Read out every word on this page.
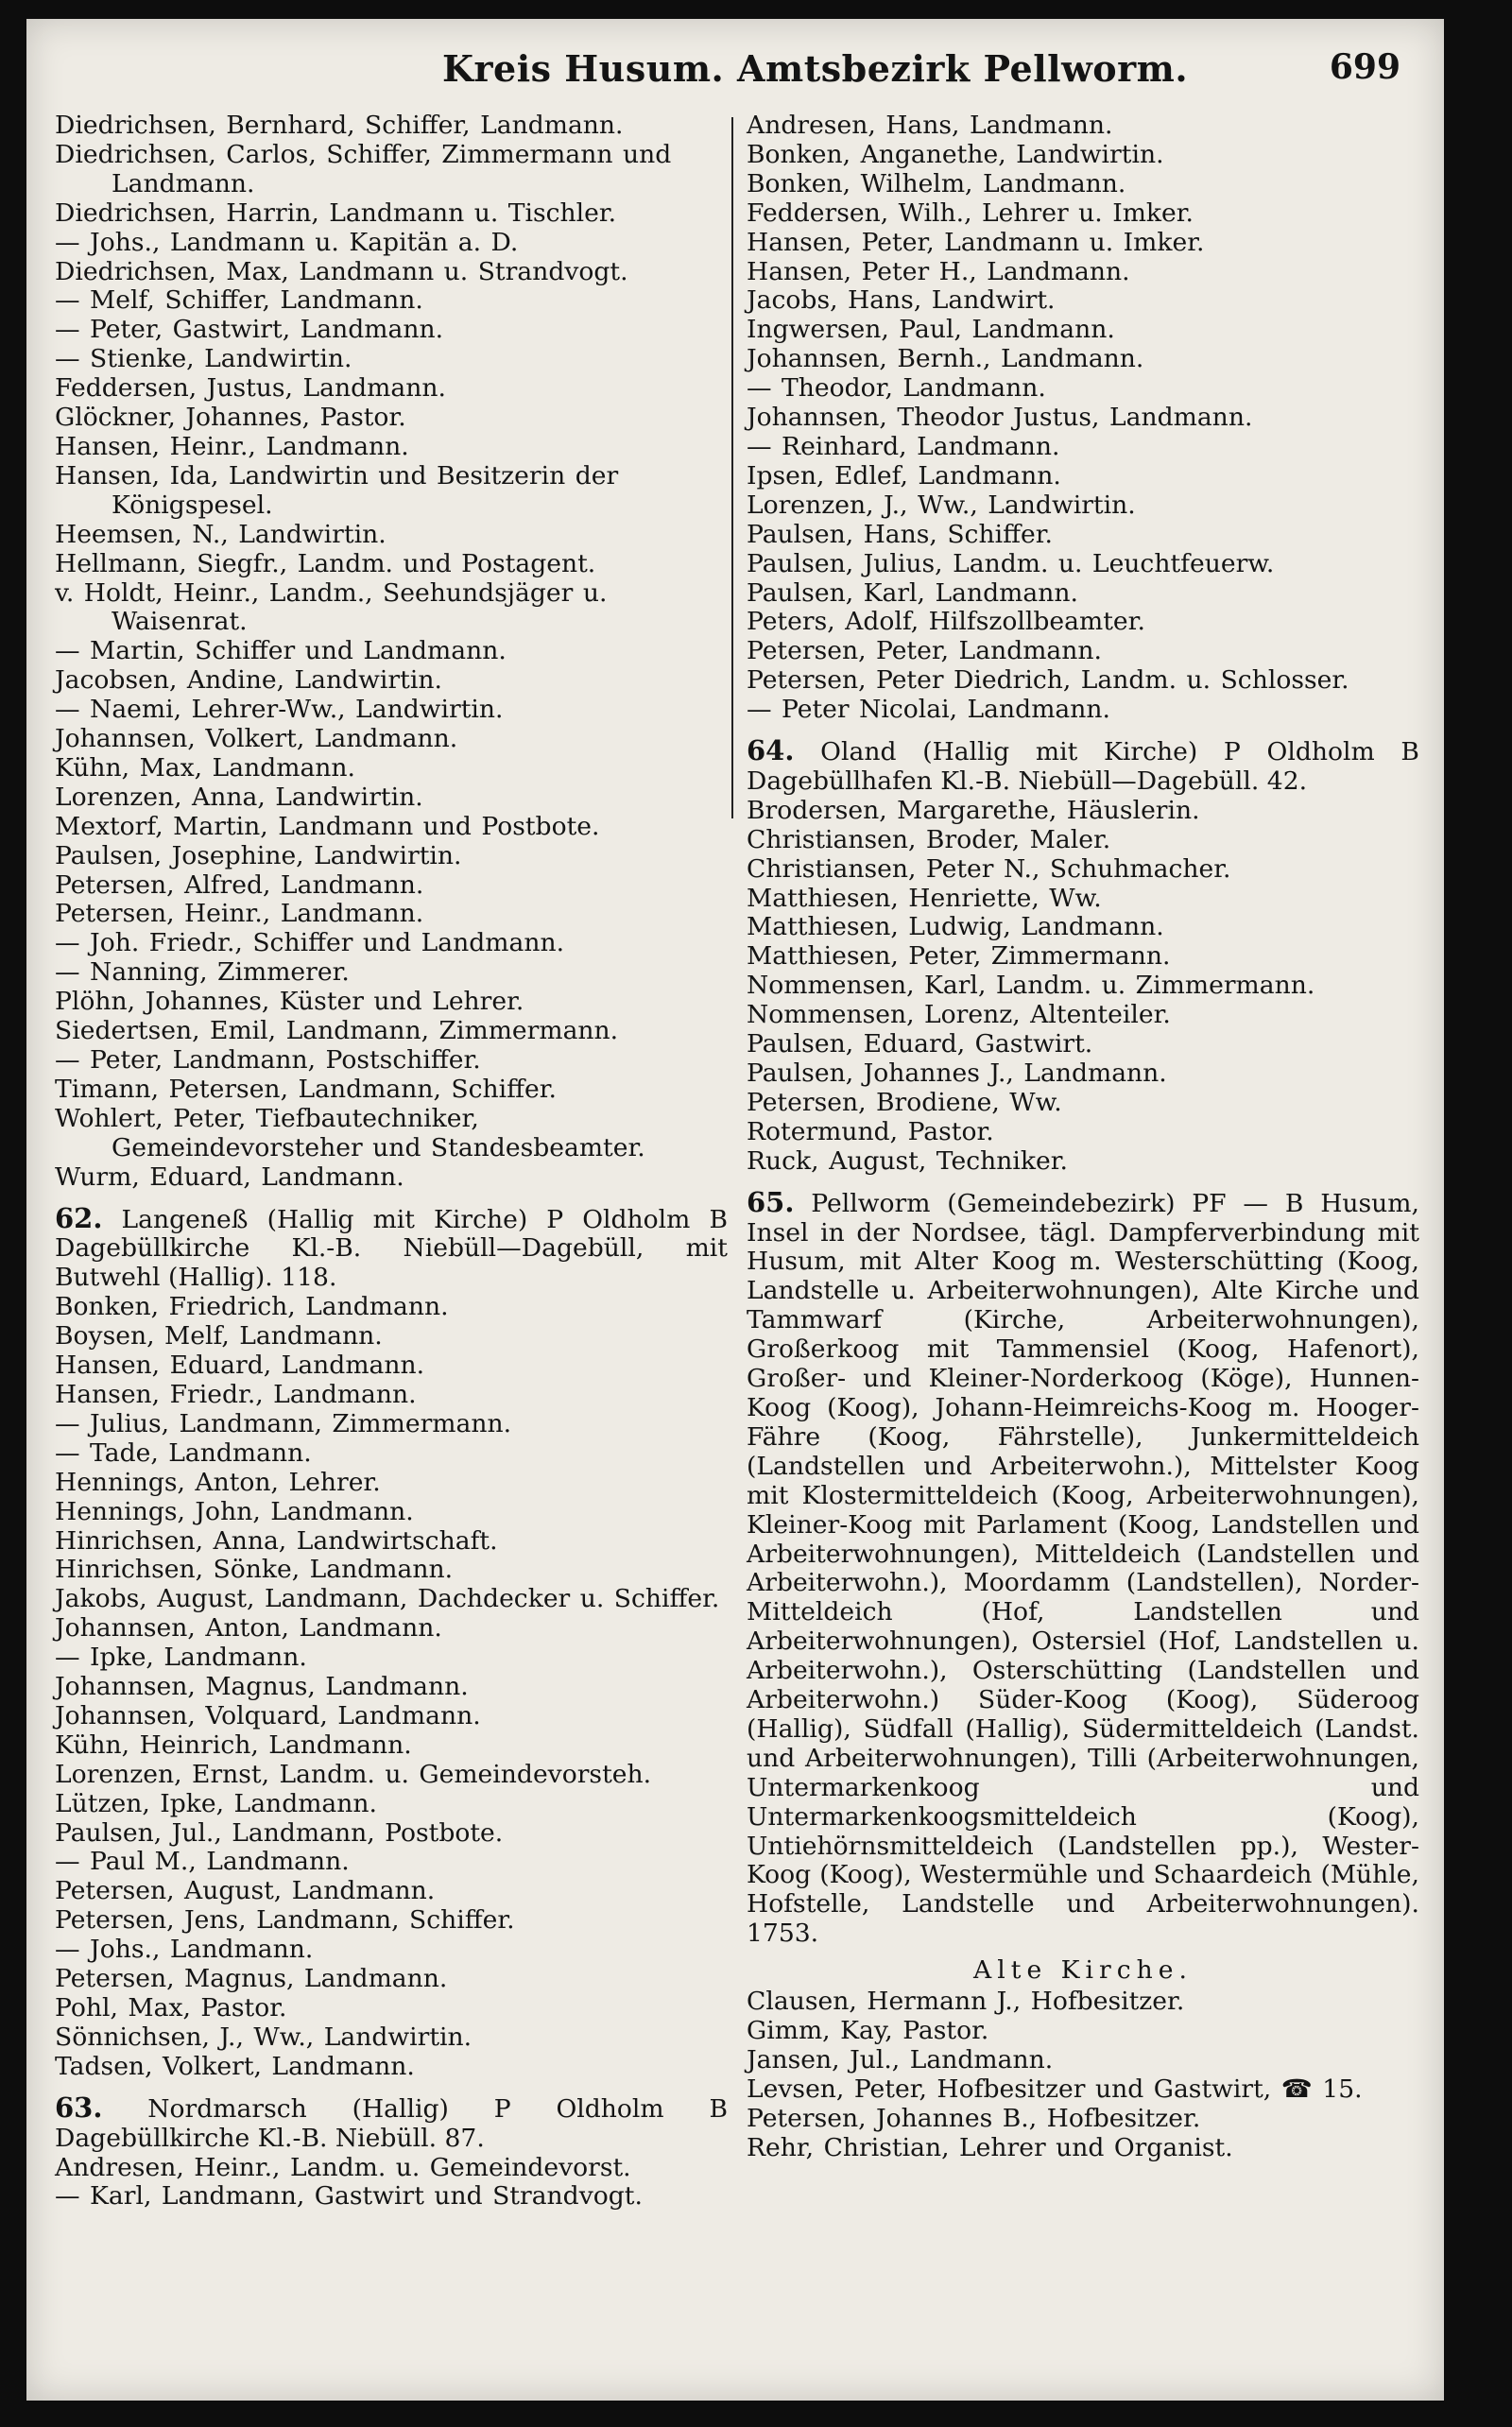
Kreis Husum. Amtsbezirk Pellworm.	699
Diedrichsen, Bernhard, Schiffer, Landmann.
Diedrichsen, Carlos, Schiffer, Zimmermann und Landmann.
Diedrichsen, Harrin, Landmann u. Tischler.
— Johs., Landmann u. Kapitän a. D.
Diedrichsen, Max, Landmann u. Strandvogt.
— Melf, Schiffer, Landmann.
— Peter, Gastwirt, Landmann.
— Stienke, Landwirtin.
Feddersen, Justus, Landmann.
Glöckner, Johannes, Pastor.
Hansen, Heinr., Landmann.
Hansen, Ida, Landwirtin und Besitzerin der Königspesel.
Heemsen, N., Landwirtin.
Hellmann, Siegfr., Landm. und Postagent.
v. Holdt, Heinr., Landm., Seehundsjäger u. Waisenrat.
— Martin, Schiffer und Landmann.
Jacobsen, Andine, Landwirtin.
— Naemi, Lehrer-Ww., Landwirtin.
Johannsen, Volkert, Landmann.
Kühn, Max, Landmann.
Lorenzen, Anna, Landwirtin.
Mextorf, Martin, Landmann und Postbote.
Paulsen, Josephine, Landwirtin.
Petersen, Alfred, Landmann.
Petersen, Heinr., Landmann.
— Joh. Friedr., Schiffer und Landmann.
— Nanning, Zimmerer.
Plöhn, Johannes, Küster und Lehrer.
Siedertsen, Emil, Landmann, Zimmermann.
— Peter, Landmann, Postschiffer.
Timann, Petersen, Landmann, Schiffer.
Wohlert, Peter, Tiefbautechniker, Gemeindevorsteher und Standesbeamter.
Wurm, Eduard, Landmann.
62. Langeneß (Hallig mit Kirche) P Oldholm B Dagebüllkirche Kl.-B. Niebüll—Dagebüll, mit Butwehl (Hallig). 118.
Bonken, Friedrich, Landmann.
Boysen, Melf, Landmann.
Hansen, Eduard, Landmann.
Hansen, Friedr., Landmann.
— Julius, Landmann, Zimmermann.
— Tade, Landmann.
Hennings, Anton, Lehrer.
Hennings, John, Landmann.
Hinrichsen, Anna, Landwirtschaft.
Hinrichsen, Sönke, Landmann.
Jakobs, August, Landmann, Dachdecker u. Schiffer.
Johannsen, Anton, Landmann.
— Ipke, Landmann.
Johannsen, Magnus, Landmann.
Johannsen, Volquard, Landmann.
Kühn, Heinrich, Landmann.
Lorenzen, Ernst, Landm. u. Gemeindevorsteh.
Lützen, Ipke, Landmann.
Paulsen, Jul., Landmann, Postbote.
— Paul M., Landmann.
Petersen, August, Landmann.
Petersen, Jens, Landmann, Schiffer.
— Johs., Landmann.
Petersen, Magnus, Landmann.
Pohl, Max, Pastor.
Sönnichsen, J., Ww., Landwirtin.
Tadsen, Volkert, Landmann.
63. Nordmarsch (Hallig) P Oldholm B Dagebüllkirche Kl.-B. Niebüll. 87.
Andresen, Heinr., Landm. u. Gemeindevorst.
— Karl, Landmann, Gastwirt und Strandvogt.
Andresen, Hans, Landmann.
Bonken, Anganethe, Landwirtin.
Bonken, Wilhelm, Landmann.
Feddersen, Wilh., Lehrer u. Imker.
Hansen, Peter, Landmann u. Imker.
Hansen, Peter H., Landmann.
Jacobs, Hans, Landwirt.
Ingwersen, Paul, Landmann.
Johannsen, Bernh., Landmann.
— Theodor, Landmann.
Johannsen, Theodor Justus, Landmann.
— Reinhard, Landmann.
Ipsen, Edlef, Landmann.
Lorenzen, J., Ww., Landwirtin.
Paulsen, Hans, Schiffer.
Paulsen, Julius, Landm. u. Leuchtfeuerw.
Paulsen, Karl, Landmann.
Peters, Adolf, Hilfszollbeamter.
Petersen, Peter, Landmann.
Petersen, Peter Diedrich, Landm. u. Schlosser.
— Peter Nicolai, Landmann.
64. Oland (Hallig mit Kirche) P Oldholm B Dagebüllhafen Kl.-B. Niebüll—Dagebüll. 42.
Brodersen, Margarethe, Häuslerin.
Christiansen, Broder, Maler.
Christiansen, Peter N., Schuhmacher.
Matthiesen, Henriette, Ww.
Matthiesen, Ludwig, Landmann.
Matthiesen, Peter, Zimmermann.
Nommensen, Karl, Landm. u. Zimmermann.
Nommensen, Lorenz, Altenteiler.
Paulsen, Eduard, Gastwirt.
Paulsen, Johannes J., Landmann.
Petersen, Brodiene, Ww.
Rotermund, Pastor.
Ruck, August, Techniker.
65. Pellworm (Gemeindebezirk) PF — B Husum, Insel in der Nordsee, tägl. Dampferverbindung mit Husum, mit Alter Koog m. Westerschütting (Koog, Landstelle u. Arbeiterwohnungen), Alte Kirche und Tammwarf (Kirche, Arbeiterwohnungen), Großerkoog mit Tammensiel (Koog, Hafenort), Großer- und Kleiner-Norderkoog (Köge), Hunnen-Koog (Koog), Johann-Heimreichs-Koog m. Hooger-Fähre (Koog, Fährstelle), Junkermitteldeich (Landstellen und Arbeiterwohn.), Mittelster Koog mit Klostermitteldeich (Koog, Arbeiterwohnungen), Kleiner-Koog mit Parlament (Koog, Landstellen und Arbeiterwohnungen), Mitteldeich (Landstellen und Arbeiterwohn.), Moordamm (Landstellen), Norder-Mitteldeich (Hof, Landstellen und Arbeiterwohnungen), Ostersiel (Hof, Landstellen u. Arbeiterwohn.), Osterschütting (Landstellen und Arbeiterwohn.) Süder-Koog (Koog), Süderoog (Hallig), Südfall (Hallig), Südermitteldeich (Landst. und Arbeiterwohnungen), Tilli (Arbeiterwohnungen, Untermarkenkoog und Untermarkenkoogsmitteldeich (Koog), Untiehörnsmitteldeich (Landstellen pp.), Wester-Koog (Koog), Westermühle und Schaardeich (Mühle, Hofstelle, Landstelle und Arbeiterwohnungen). 1753.
Alte Kirche.
Clausen, Hermann J., Hofbesitzer.
Gimm, Kay, Pastor.
Jansen, Jul., Landmann.
Levsen, Peter, Hofbesitzer und Gastwirt, ☎ 15.
Petersen, Johannes B., Hofbesitzer.
Rehr, Christian, Lehrer und Organist.
